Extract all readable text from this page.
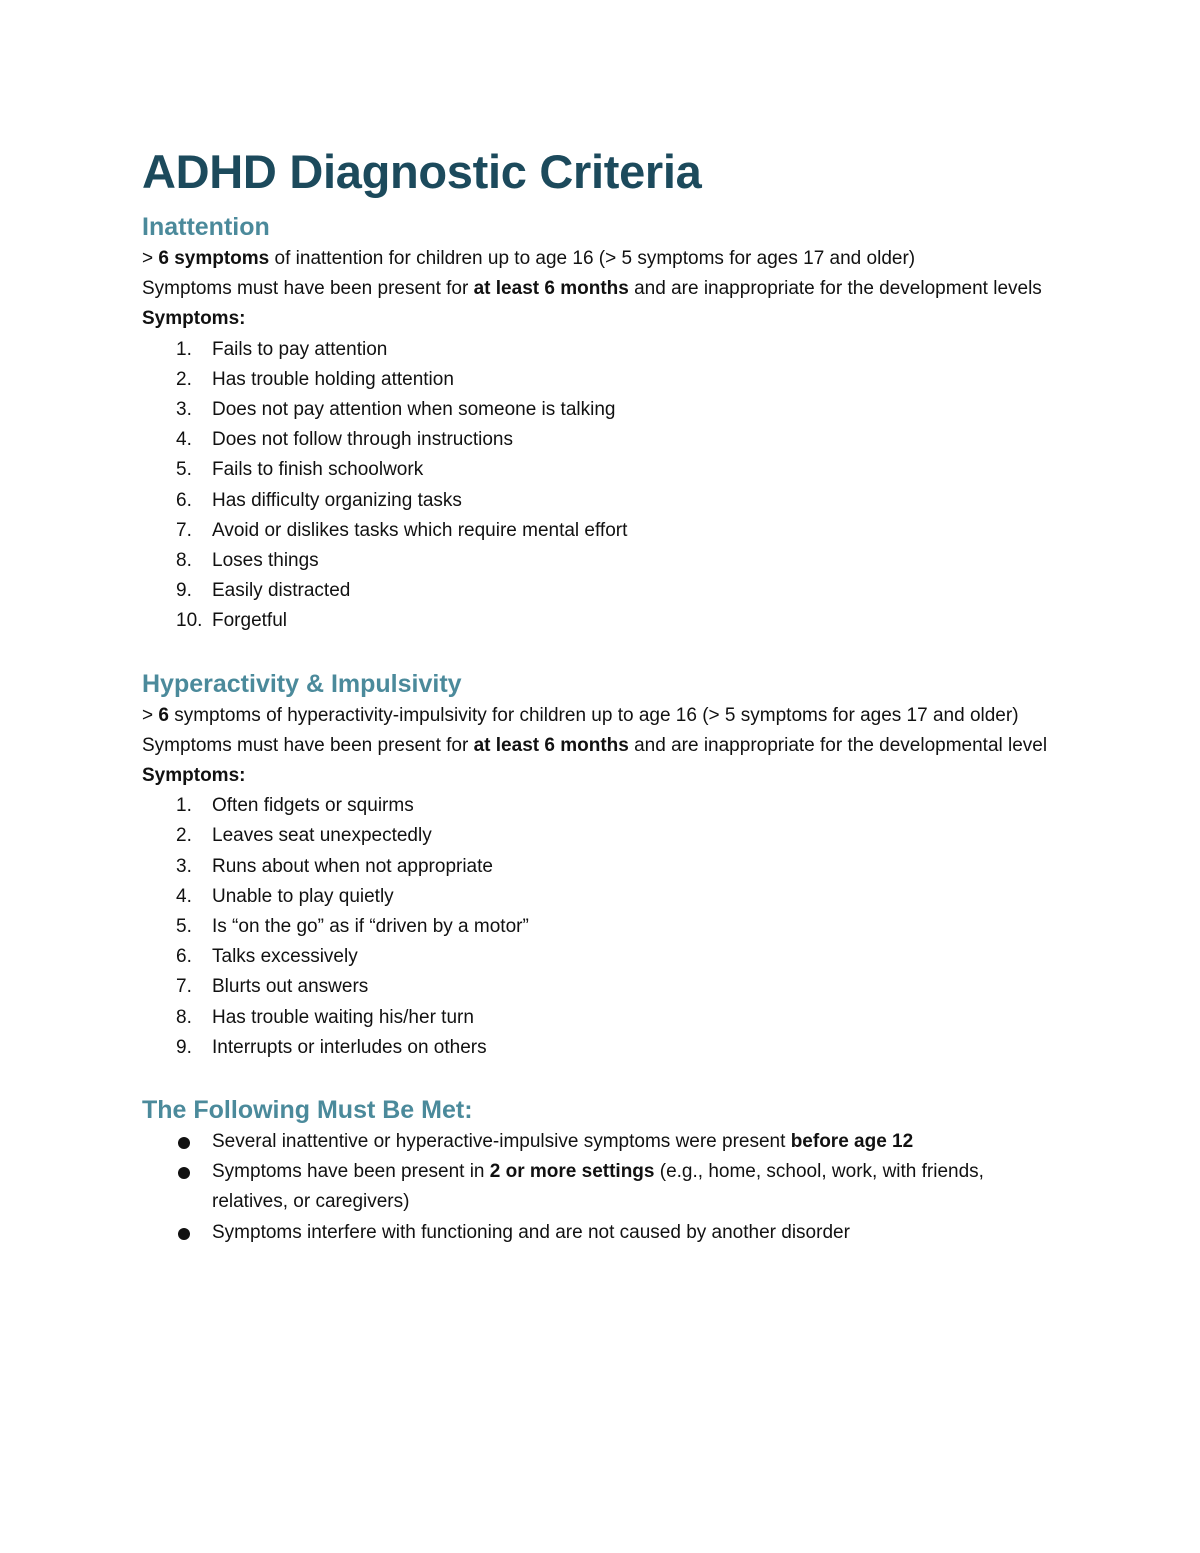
ADHD Diagnostic Criteria
Inattention

> 6 symptoms of inattention for children up to age 16 (> 5 symptoms for ages 17 and older)

Symptoms must have been present for at least 6 months and are inappropriate for the development levels

Symptoms:

1.	Fails to pay attention
2.	Has trouble holding attention
3.	Does not pay attention when someone is talking
4.	Does not follow through instructions
5.	Fails to finish schoolwork
6.	Has difficulty organizing tasks
7.	Avoid or dislikes tasks which require mental effort
8.	Loses things
9.	Easily distracted
10. Forgetful
Hyperactivity & Impulsivity

> 6 symptoms of hyperactivity-impulsivity for children up to age 16 (> 5 symptoms for ages 17 and older)

Symptoms must have been present for at least 6 months and are inappropriate for the developmental level

Symptoms:

1.	Often fidgets or squirms
2.	Leaves seat unexpectedly
3.	Runs about when not appropriate
4.	Unable to play quietly
5.	Is “on the go” as if “driven by a motor”
6.	Talks excessively
7.	Blurts out answers
8.	Has trouble waiting his/her turn
9.	Interrupts or interludes on others
The Following Must Be Met:
Several inattentive or hyperactive-impulsive symptoms were present before age 12
Symptoms have been present in 2 or more settings (e.g., home, school, work, with friends, relatives, or caregivers)
Symptoms interfere with functioning and are not caused by another disorder
